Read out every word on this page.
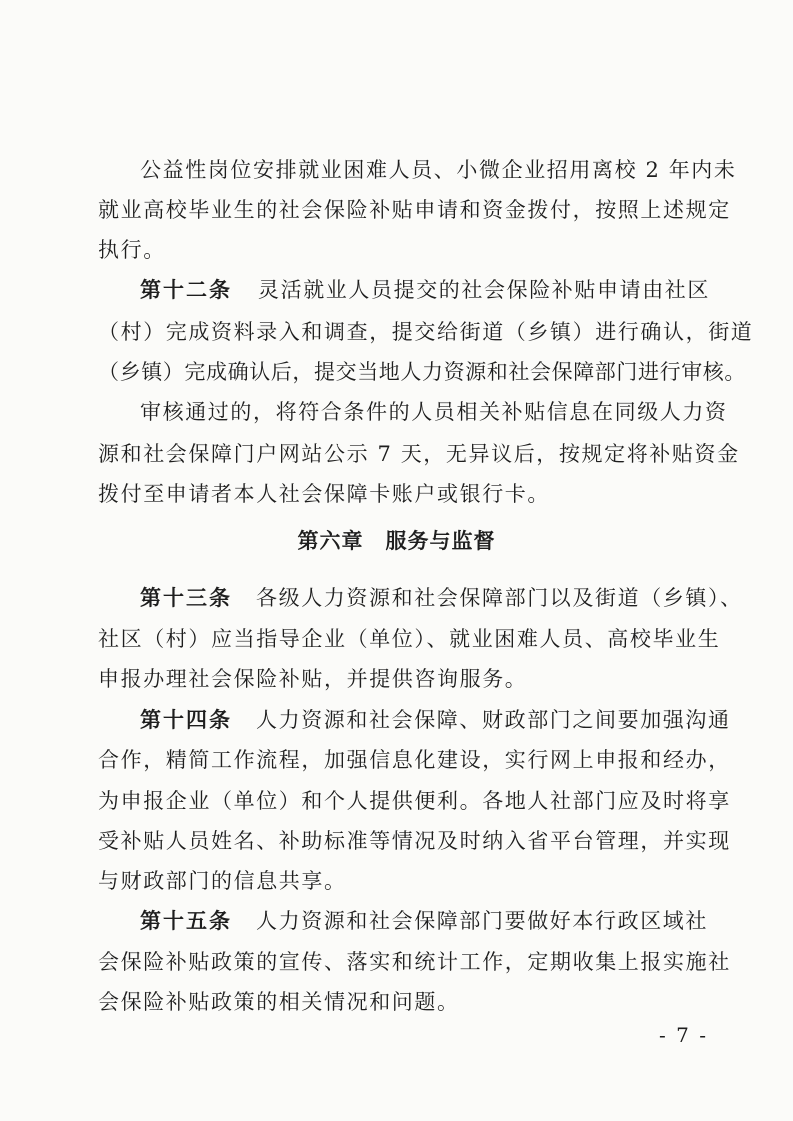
公益性岗位安排就业困难人员、小微企业招用离校 2 年内未

就业高校毕业生的社会保险补贴申请和资金拨付，按照上述规定

执行。

第十二条 灵活就业人员提交的社会保险补贴申请由社区

（村）完成资料录入和调查，提交给街道（乡镇）进行确认，街道

（乡镇）完成确认后，提交当地人力资源和社会保障部门进行审核。

审核通过的，将符合条件的人员相关补贴信息在同级人力资

源和社会保障门户网站公示 7 天，无异议后，按规定将补贴资金

拨付至申请者本人社会保障卡账户或银行卡。

第六章　服务与监督

第十三条 各级人力资源和社会保障部门以及街道（乡镇）、

社区（村）应当指导企业（单位）、就业困难人员、高校毕业生

申报办理社会保险补贴，并提供咨询服务。

第十四条 人力资源和社会保障、财政部门之间要加强沟通

合作，精简工作流程，加强信息化建设，实行网上申报和经办，

为申报企业（单位）和个人提供便利。各地人社部门应及时将享

受补贴人员姓名、补助标准等情况及时纳入省平台管理，并实现

与财政部门的信息共享。

第十五条 人力资源和社会保障部门要做好本行政区域社

会保险补贴政策的宣传、落实和统计工作，定期收集上报实施社

会保险补贴政策的相关情况和问题。

- 7 -
